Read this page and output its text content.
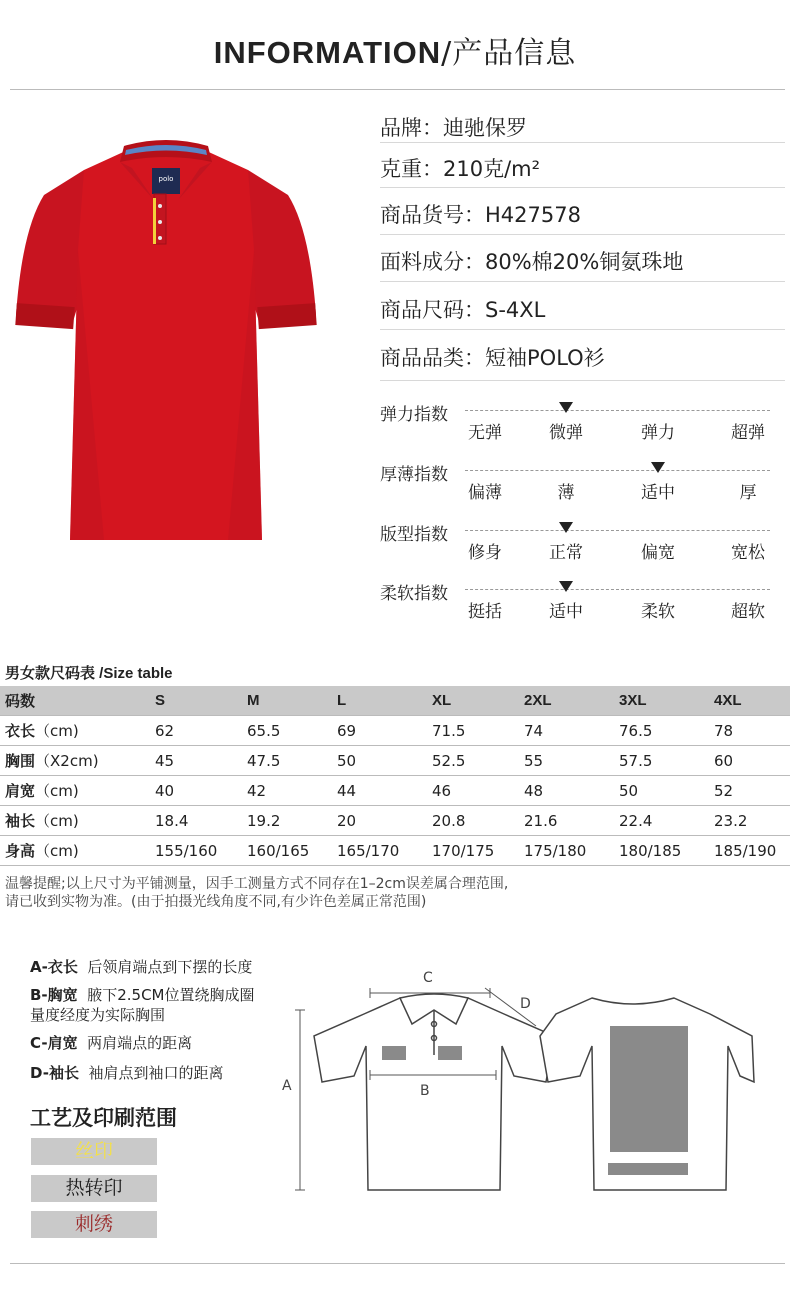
INFORMATION/产品信息
polo
品牌：迪驰保罗
克重：210克/m²
商品货号：H427578
面料成分：80%棉20%铜氨珠地
商品尺码：S-4XL
商品品类：短袖POLO衫
弹力指数
无弹	微弹	弹力	超弹
厚薄指数
偏薄	薄	适中	厚
版型指数
修身	正常	偏宽	宽松
柔软指数
挺括	适中	柔软	超软
男女款尺码表 /Size table
码数	S	M	L	XL	2XL	3XL	4XL
衣长（cm)	62	65.5	69	71.5	74	76.5	78
胸围（X2cm)	45	47.5	50	52.5	55	57.5	60
肩宽（cm)	40	42	44	46	48	50	52
袖长（cm)	18.4	19.2	20	20.8	21.6	22.4	23.2
身高（cm)	155/160	160/165	165/170	170/175	175/180	180/185	185/190
温馨提醒;以上尺寸为平铺测量，因手工测量方式不同存在1–2cm误差属合理范围,
请已收到实物为准。(由于拍摄光线角度不同,有少许色差属正常范围)
A-衣长 后领肩端点到下摆的长度
B-胸宽 腋下2.5CM位置绕胸成圈
量度经度为实际胸围
C-肩宽 两肩端点的距离
D-袖长 袖肩点到袖口的距离
工艺及印刷范围
丝印
热转印
刺绣
C
D
B
A
